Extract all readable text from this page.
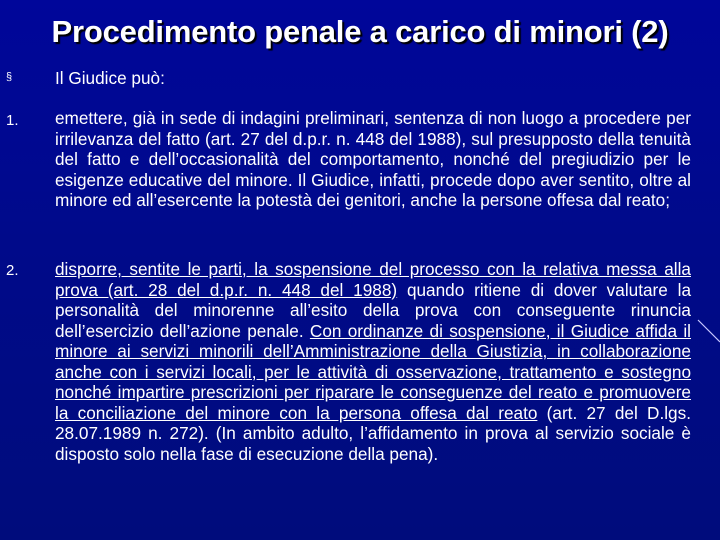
Procedimento penale a carico di minori (2)
§ Il Giudice può:
1. emettere, già in sede di indagini preliminari, sentenza di non luogo a procedere per irrilevanza del fatto (art. 27 del d.p.r. n. 448 del 1988), sul presupposto della tenuità del fatto e dell’occasionalità del comportamento, nonché del pregiudizio per le esigenze educative del minore. Il Giudice, infatti, procede dopo aver sentito, oltre al minore ed all’esercente la potestà dei genitori, anche la persone offesa dal reato;
2. disporre, sentite le parti, la sospensione del processo con la relativa messa alla prova (art. 28 del d.p.r. n. 448 del 1988) quando ritiene di dover valutare la personalità del minorenne all’esito della prova con conseguente rinuncia dell’esercizio dell’azione penale. Con ordinanze di sospensione, il Giudice affida il minore ai servizi minorili dell’Amministrazione della Giustizia, in collaborazione anche con i servizi locali, per le attività di osservazione, trattamento e sostegno nonché impartire prescrizioni per riparare le conseguenze del reato e promuovere la conciliazione del minore con la persona offesa dal reato (art. 27 del D.lgs. 28.07.1989 n. 272). (In ambito adulto, l’affidamento in prova al servizio sociale è disposto solo nella fase di esecuzione della pena).
